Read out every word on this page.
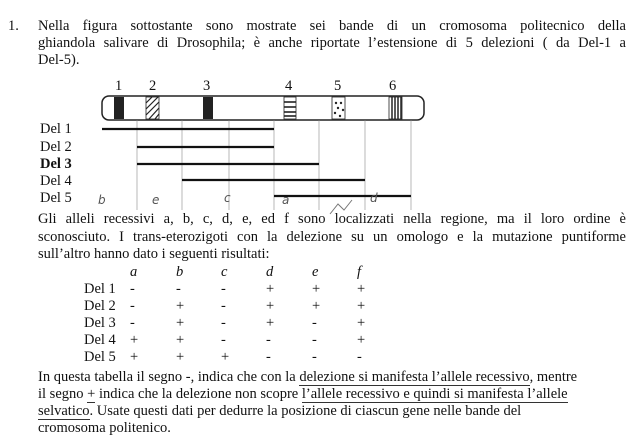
1. Nella figura sottostante sono mostrate sei bande di un cromosoma politecnico della
ghiandola salivare di Drosophila; è anche riportate l’estensione di 5 delezioni ( da Del-1 a
Del-5).
1 2	3	4	5	6
Del 1
Del 2
Del 3
Del 4
Del 5 b	e	c	a	d
Gli alleli recessivi a, b, c, d, e, ed f sono localizzati nella regione, ma il loro ordine è
sconosciuto. I trans-eterozigoti con la delezione su un omologo e la mutazione puntiforme
sull’altro hanno dato i seguenti risultati:
a	b	c	d	e	f
Del 1 -	-	-	+	+	+
Del 2 -	+	-	+	+	+
Del 3 -	+	-	+	-	+
Del 4 +	+	-	-	-	+
Del 5 +	+	+	-	-	-
In questa tabella il segno -, indica che con la delezione si manifesta l’allele recessivo, mentre
il segno + indica che la delezione non scopre l’allele recessivo e quindi si manifesta l’allele
selvatico. Usate questi dati per dedurre la posizione di ciascun gene nelle bande del
cromosoma politenico.
